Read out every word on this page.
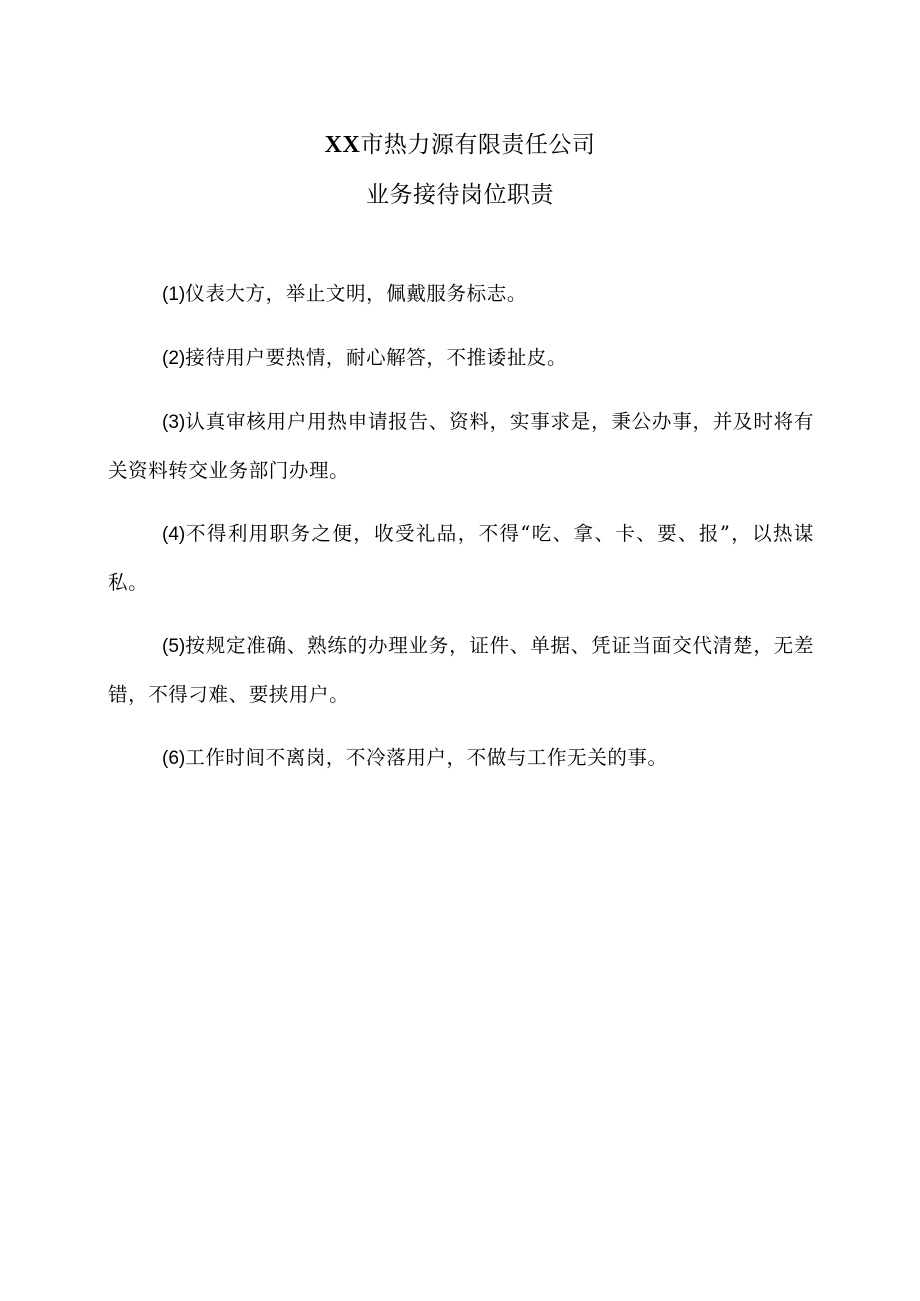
XX市热力源有限责任公司
业务接待岗位职责

(1)仪表大方，举止文明，佩戴服务标志。

(2)接待用户要热情，耐心解答，不推诿扯皮。

(3)认真审核用户用热申请报告、资料，实事求是，秉公办事，并及时将有关资料转交业务部门办理。

(4)不得利用职务之便，收受礼品，不得“吃、拿、卡、要、报”，以热谋私。

(5)按规定准确、熟练的办理业务，证件、单据、凭证当面交代清楚，无差错，不得刁难、要挟用户。

(6)工作时间不离岗，不冷落用户，不做与工作无关的事。
